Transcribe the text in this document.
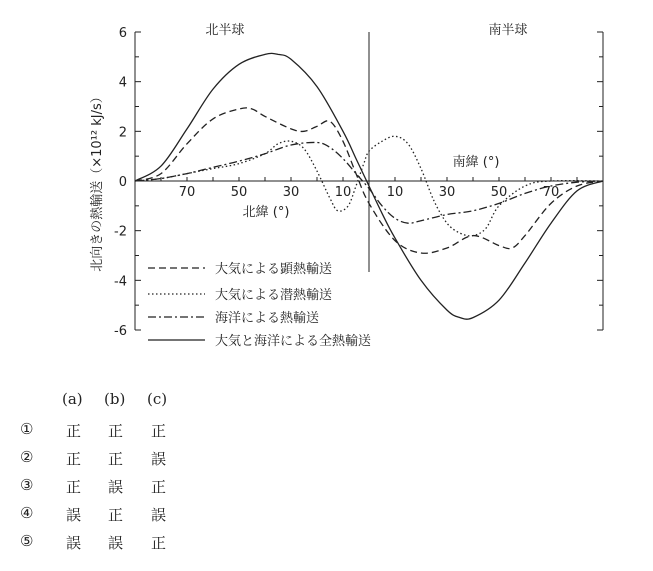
6
4
2
0
-2
-4
-6
70	50	30	10	10	30	50	70
北緯 (°)
南緯 (°)
北半球	南半球
北向きの熱輸送（×10¹² kJ/s）	大気による顕熱輸送
大気による潜熱輸送
海洋による熱輸送
大気と海洋による全熱輸送
(a) (b) (c)
① 正 正 正
② 正 正 誤
③ 正 誤 正
④ 誤 正 誤
⑤ 誤 誤 正
